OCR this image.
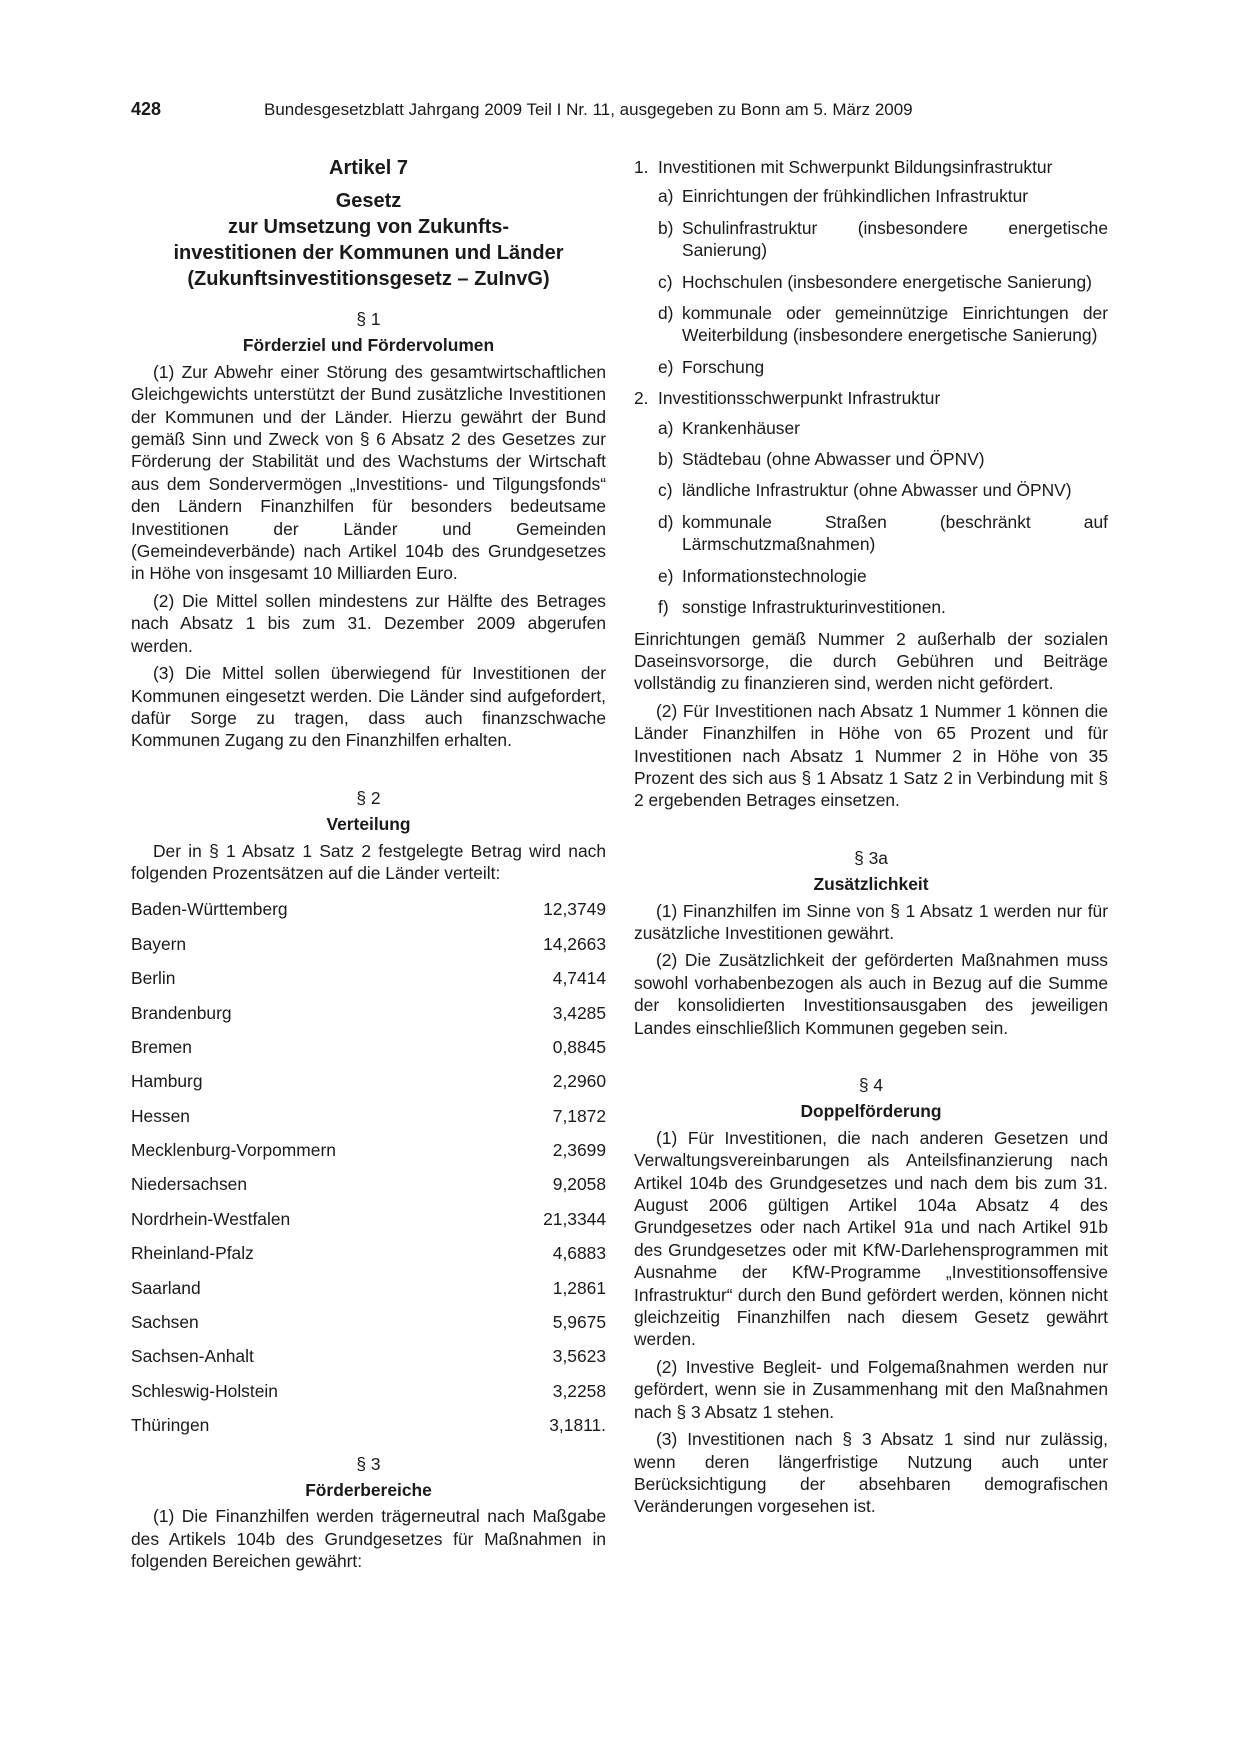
428	Bundesgesetzblatt Jahrgang 2009 Teil I Nr. 11, ausgegeben zu Bonn am 5. März 2009
Artikel 7
Gesetz
zur Umsetzung von Zukunfts-
investitionen der Kommunen und Länder
(Zukunftsinvestitionsgesetz – ZuInvG)
§ 1
Förderziel und Fördervolumen

(1) Zur Abwehr einer Störung des gesamtwirtschaftlichen Gleichgewichts unterstützt der Bund zusätzliche Investitionen der Kommunen und der Länder. Hierzu gewährt der Bund gemäß Sinn und Zweck von § 6 Absatz 2 des Gesetzes zur Förderung der Stabilität und des Wachstums der Wirtschaft aus dem Sondervermögen „Investitions- und Tilgungsfonds“ den Ländern Finanzhilfen für besonders bedeutsame Investitionen der Länder und Gemeinden (Gemeindeverbände) nach Artikel 104b des Grundgesetzes in Höhe von insgesamt 10 Milliarden Euro.

(2) Die Mittel sollen mindestens zur Hälfte des Betrages nach Absatz 1 bis zum 31. Dezember 2009 abgerufen werden.

(3) Die Mittel sollen überwiegend für Investitionen der Kommunen eingesetzt werden. Die Länder sind aufgefordert, dafür Sorge zu tragen, dass auch finanzschwache Kommunen Zugang zu den Finanzhilfen erhalten.

§ 2
Verteilung

Der in § 1 Absatz 1 Satz 2 festgelegte Betrag wird nach folgenden Prozentsätzen auf die Länder verteilt:

Baden-Württemberg	12,3749
Bayern	14,2663
Berlin	4,7414
Brandenburg	3,4285
Bremen	0,8845
Hamburg	2,2960
Hessen	7,1872
Mecklenburg-Vorpommern	2,3699
Niedersachsen	9,2058
Nordrhein-Westfalen	21,3344
Rheinland-Pfalz	4,6883
Saarland	1,2861
Sachsen	5,9675
Sachsen-Anhalt	3,5623
Schleswig-Holstein	3,2258
Thüringen	3,1811.
§ 3
Förderbereiche

(1) Die Finanzhilfen werden trägerneutral nach Maßgabe des Artikels 104b des Grundgesetzes für Maßnahmen in folgenden Bereichen gewährt:

1. Investitionen mit Schwerpunkt Bildungsinfrastruktur
a) Einrichtungen der frühkindlichen Infrastruktur
b) Schulinfrastruktur (insbesondere energetische Sanierung)
c) Hochschulen (insbesondere energetische Sanierung)
d) kommunale oder gemeinnützige Einrichtungen der Weiterbildung (insbesondere energetische Sanierung)
e) Forschung
2. Investitionsschwerpunkt Infrastruktur
a) Krankenhäuser
b) Städtebau (ohne Abwasser und ÖPNV)
c) ländliche Infrastruktur (ohne Abwasser und ÖPNV)
d) kommunale Straßen (beschränkt auf Lärmschutzmaßnahmen)
e) Informationstechnologie
f) sonstige Infrastrukturinvestitionen.

Einrichtungen gemäß Nummer 2 außerhalb der sozialen Daseinsvorsorge, die durch Gebühren und Beiträge vollständig zu finanzieren sind, werden nicht gefördert.

(2) Für Investitionen nach Absatz 1 Nummer 1 können die Länder Finanzhilfen in Höhe von 65 Prozent und für Investitionen nach Absatz 1 Nummer 2 in Höhe von 35 Prozent des sich aus § 1 Absatz 1 Satz 2 in Verbindung mit § 2 ergebenden Betrages einsetzen.

§ 3a
Zusätzlichkeit

(1) Finanzhilfen im Sinne von § 1 Absatz 1 werden nur für zusätzliche Investitionen gewährt.

(2) Die Zusätzlichkeit der geförderten Maßnahmen muss sowohl vorhabenbezogen als auch in Bezug auf die Summe der konsolidierten Investitionsausgaben des jeweiligen Landes einschließlich Kommunen gegeben sein.

§ 4
Doppelförderung

(1) Für Investitionen, die nach anderen Gesetzen und Verwaltungsvereinbarungen als Anteilsfinanzierung nach Artikel 104b des Grundgesetzes und nach dem bis zum 31. August 2006 gültigen Artikel 104a Absatz 4 des Grundgesetzes oder nach Artikel 91a und nach Artikel 91b des Grundgesetzes oder mit KfW-Darlehensprogrammen mit Ausnahme der KfW-Programme „Investitionsoffensive Infrastruktur“ durch den Bund gefördert werden, können nicht gleichzeitig Finanzhilfen nach diesem Gesetz gewährt werden.

(2) Investive Begleit- und Folgemaßnahmen werden nur gefördert, wenn sie in Zusammenhang mit den Maßnahmen nach § 3 Absatz 1 stehen.

(3) Investitionen nach § 3 Absatz 1 sind nur zulässig, wenn deren längerfristige Nutzung auch unter Berücksichtigung der absehbaren demografischen Veränderungen vorgesehen ist.
